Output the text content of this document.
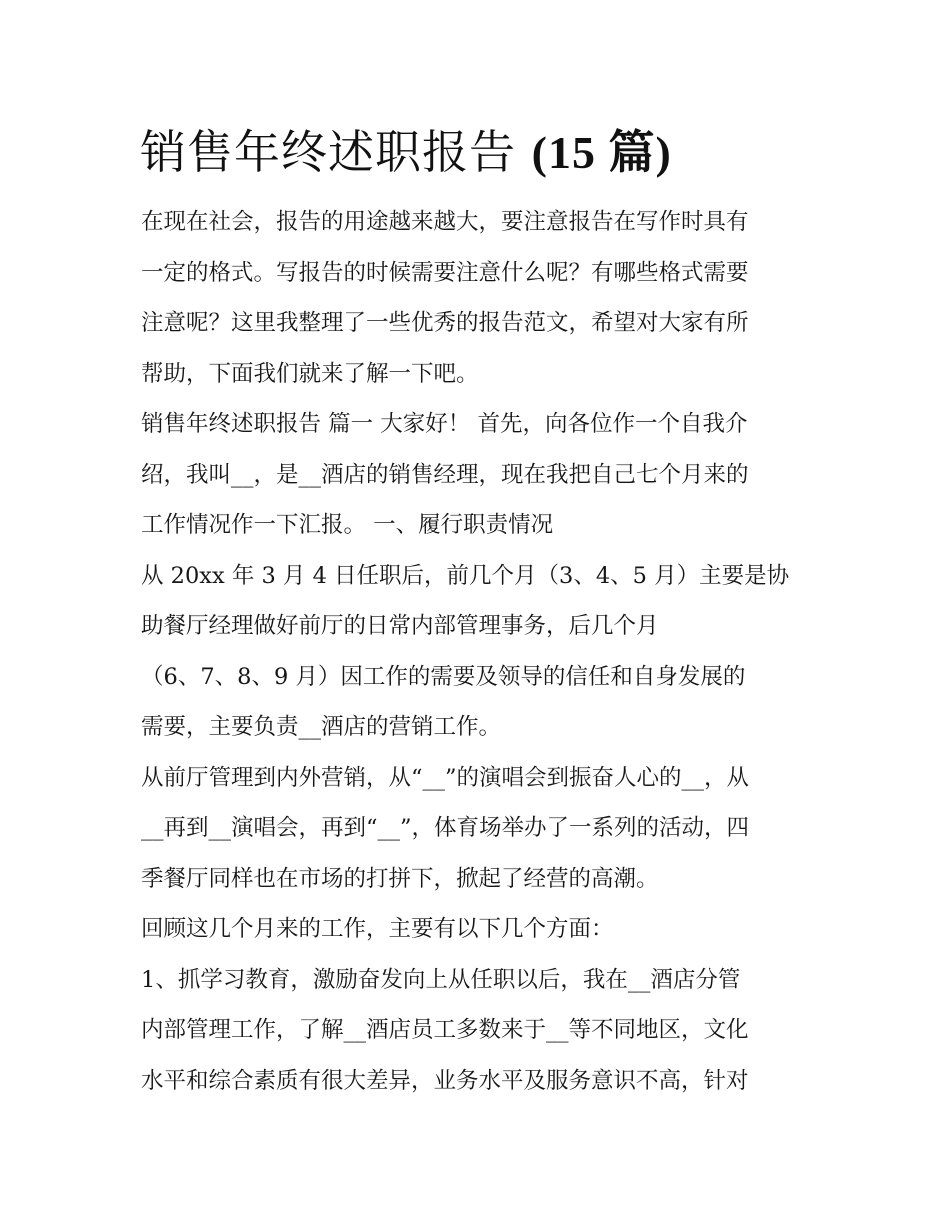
销售年终述职报告 (15 篇)
在现在社会，报告的用途越来越大，要注意报告在写作时具有
一定的格式。写报告的时候需要注意什么呢？有哪些格式需要
注意呢？这里我整理了一些优秀的报告范文，希望对大家有所
帮助，下面我们就来了解一下吧。
销售年终述职报告 篇一 大家好！ 首先，向各位作一个自我介
绍，我叫__，是__酒店的销售经理，现在我把自己七个月来的
工作情况作一下汇报。 一、履行职责情况
从 20xx 年 3 月 4 日任职后，前几个月（3、4、5 月）主要是协
助餐厅经理做好前厅的日常内部管理事务，后几个月
（6、7、8、9 月）因工作的需要及领导的信任和自身发展的
需要，主要负责__酒店的营销工作。
从前厅管理到内外营销，从“__”的演唱会到振奋人心的__，从
__再到__演唱会，再到“__”，体育场举办了一系列的活动，四
季餐厅同样也在市场的打拼下，掀起了经营的高潮。
回顾这几个月来的工作，主要有以下几个方面：
1、抓学习教育，激励奋发向上从任职以后，我在__酒店分管
内部管理工作，了解__酒店员工多数来于__等不同地区，文化
水平和综合素质有很大差异，业务水平及服务意识不高，针对
